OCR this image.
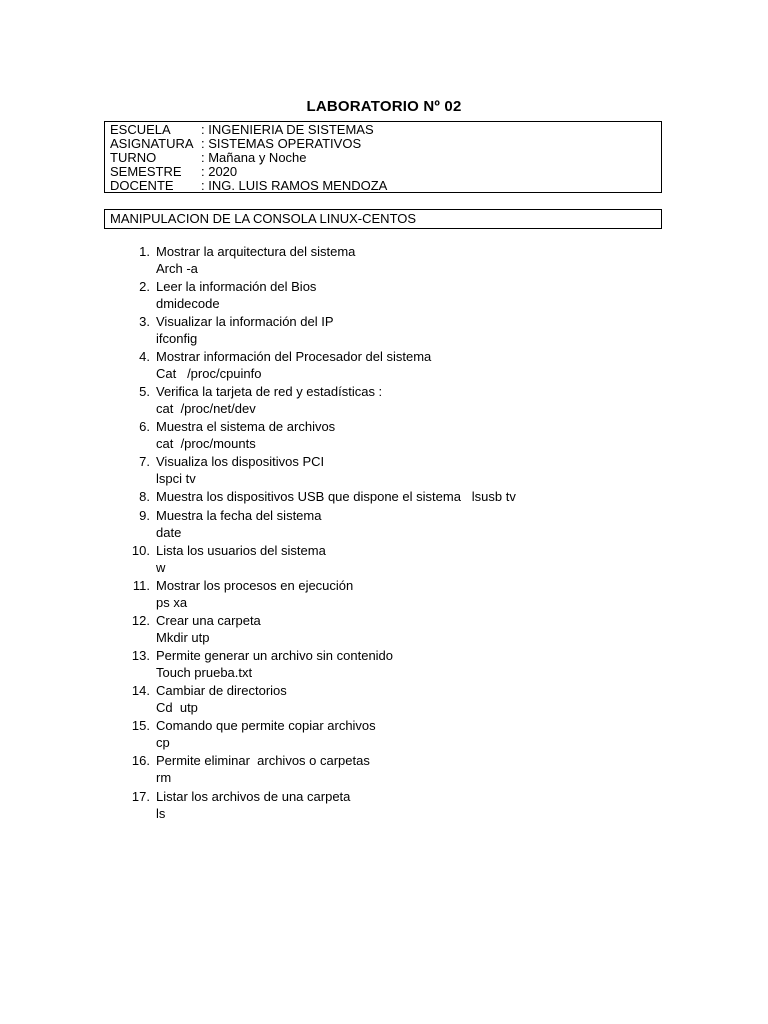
LABORATORIO Nº 02
ESCUELA : INGENIERIA DE SISTEMAS
ASIGNATURA : SISTEMAS OPERATIVOS
TURNO	: Mañana y Noche
SEMESTRE : 2020
DOCENTE : ING. LUIS RAMOS MENDOZA
MANIPULACION DE LA CONSOLA LINUX-CENTOS
1. Mostrar la arquitectura del sistema
Arch -a
2. Leer la información del Bios
dmidecode
3. Visualizar la información del IP
ifconfig
4. Mostrar información del Procesador del sistema
Cat   /proc/cpuinfo
5. Verifica la tarjeta de red y estadísticas :
cat  /proc/net/dev
6. Muestra el sistema de archivos
cat  /proc/mounts
7. Visualiza los dispositivos PCI
lspci tv
8. Muestra los dispositivos USB que dispone el sistema   lsusb tv
9. Muestra la fecha del sistema
date
10. Lista los usuarios del sistema
w
11. Mostrar los procesos en ejecución
ps xa
12. Crear una carpeta
Mkdir utp
13. Permite generar un archivo sin contenido
Touch prueba.txt
14. Cambiar de directorios
Cd  utp
15. Comando que permite copiar archivos
cp
16. Permite eliminar  archivos o carpetas
rm
17. Listar los archivos de una carpeta
ls
